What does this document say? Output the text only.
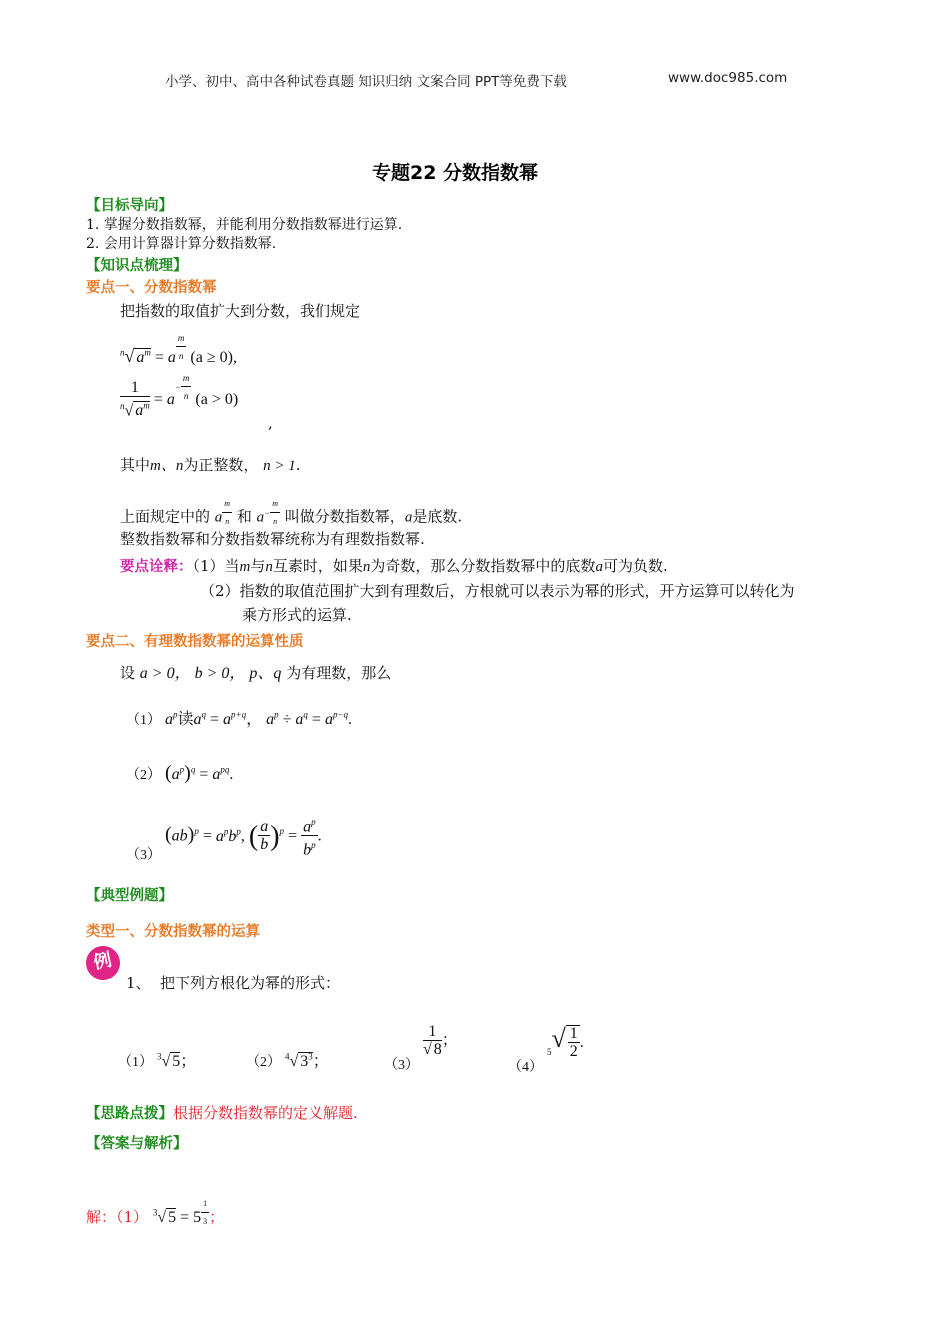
小学、初中、高中各种试卷真题 知识归纳 文案合同 PPT等免费下载	www.doc985.com
专题22 分数指数幂
【目标导向】
1. 掌握分数指数幂，并能利用分数指数幂进行运算.
2. 会用计算器计算分数指数幂.
【知识点梳理】
要点一、分数指数幂
把指数的取值扩大到分数，我们规定
$^n$√ $a^m = a$ $^{\frac{m}{n}}$ (a ≥ 0),
$\frac{1}{^n√ a^m} = a^{- \frac{m}{n}}$ (a > 0)
,
其中m、n为正整数， n > 1.
上面规定中的 a $^{\frac{m}{n}}$ 和 $a^{- \frac{m}{n}}$ 叫做分数指数幂，a是底数.
整数指数幂和分数指数幂统称为有理数指数幂.
要点诠释：（1）当m与n互素时，如果n为奇数，那么分数指数幂中的底数a可为负数.
（2）指数的取值范围扩大到有理数后，方根就可以表示为幂的形式，开方运算可以转化为
乘方形式的运算.
要点二、有理数指数幂的运算性质
设 a > 0， b > 0， p、q 为有理数，那么
（1） $a^p$读$a^q = a^{p+q}$， $a^p \div a^q = a^{p-q}$.
（2） $(a^p)^q = a^{pq}$.
（3） $(ab)^p = a^pb^p$, ( $\frac{a}{b} )^p = \frac{a^p}{b^p}$ .
【典型例题】
类型一、分数指数幂的运算
例
1、 把下列方根化为幂的形式：
（1） $^3$√ 5；	（2） $^4$√ $3^3$；	（3）
$\frac{1}{√ 8}$ ；
（4） $^5√ \frac{1}{2}$ .
【思路点拨】根据分数指数幂的定义解题.
【答案与解析】
解：（1） $^3$√ 5 = 5 $^{\frac{1}{3}}$ ；
